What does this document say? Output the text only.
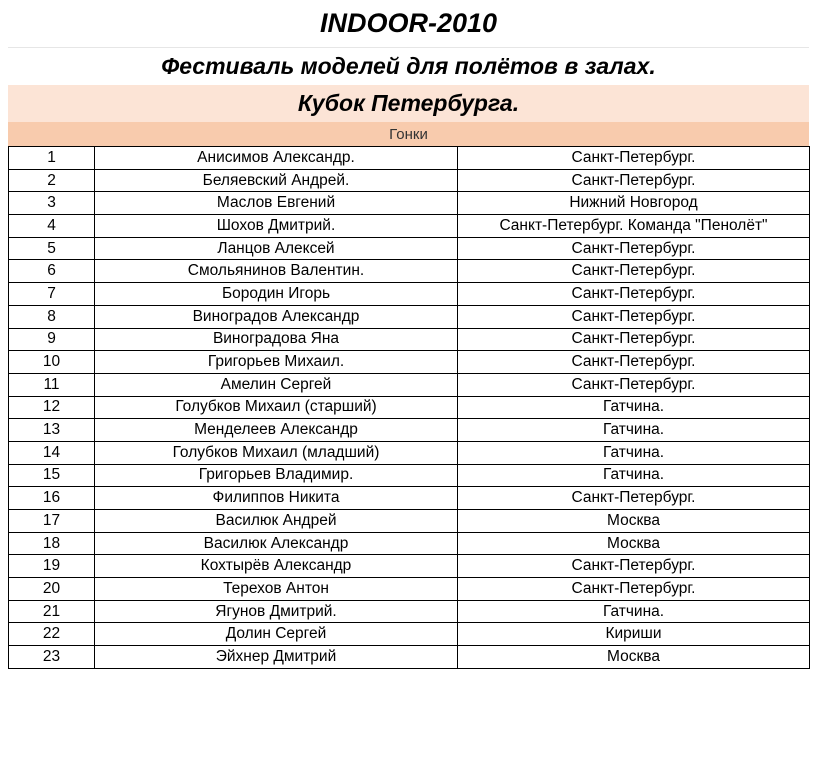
INDOOR-2010
Фестиваль моделей для полётов в залах.
Кубок Петербурга.
Гонки
1	Анисимов Александр.	Санкт-Петербург.
2	Беляевский Андрей.	Санкт-Петербург.
3	Маслов Евгений	Нижний Новгород
4	Шохов Дмитрий.	Санкт-Петербург. Команда "Пенолёт"
5	Ланцов Алексей	Санкт-Петербург.
6	Смольянинов Валентин.	Санкт-Петербург.
7	Бородин Игорь	Санкт-Петербург.
8	Виноградов Александр	Санкт-Петербург.
9	Виноградова Яна	Санкт-Петербург.
10	Григорьев Михаил.	Санкт-Петербург.
11	Амелин Сергей	Санкт-Петербург.
12	Голубков Михаил (старший)	Гатчина.
13	Менделеев Александр	Гатчина.
14	Голубков Михаил (младший)	Гатчина.
15	Григорьев Владимир.	Гатчина.
16	Филиппов Никита	Санкт-Петербург.
17	Василюк Андрей	Москва
18	Василюк Александр	Москва
19	Кохтырёв Александр	Санкт-Петербург.
20	Терехов Антон	Санкт-Петербург.
21	Ягунов Дмитрий.	Гатчина.
22	Долин Сергей	Кириши
23	Эйхнер Дмитрий	Москва
